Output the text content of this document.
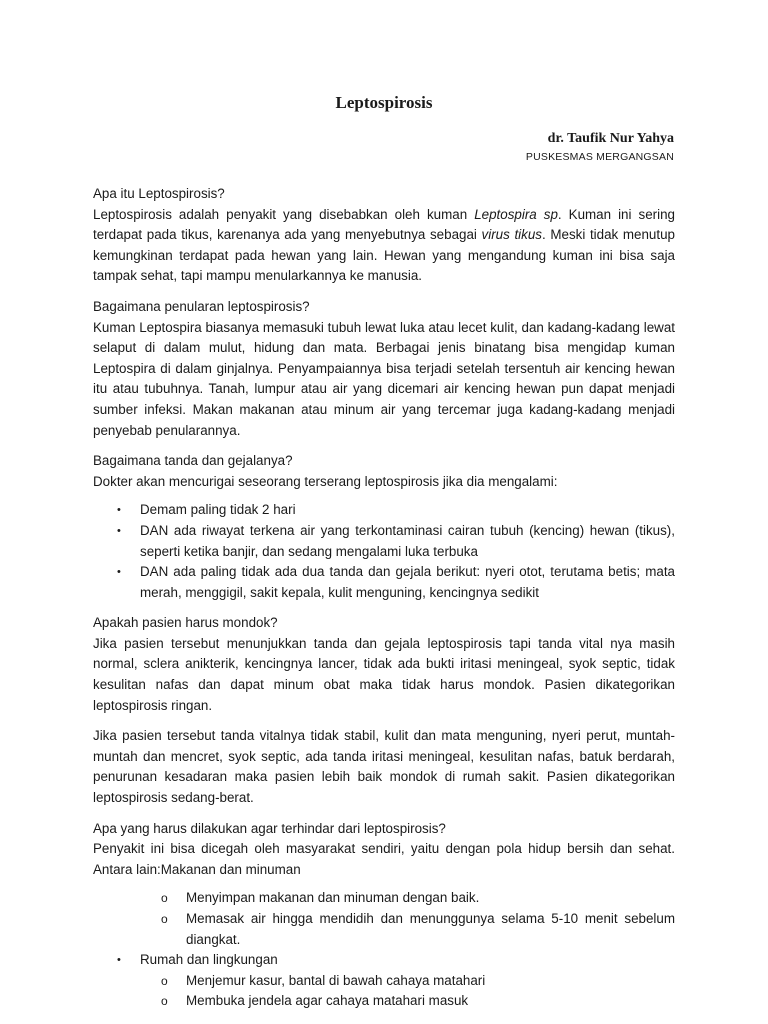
Leptospirosis
dr. Taufik Nur Yahya
PUSKESMAS MERGANGSAN
Apa itu Leptospirosis?

Leptospirosis adalah penyakit yang disebabkan oleh kuman Leptospira sp. Kuman ini sering terdapat pada tikus, karenanya ada yang menyebutnya sebagai virus tikus. Meski tidak menutup kemungkinan terdapat pada hewan yang lain. Hewan yang mengandung kuman ini bisa saja tampak sehat, tapi mampu menularkannya ke manusia.

Bagaimana penularan leptospirosis?

Kuman Leptospira biasanya memasuki tubuh lewat luka atau lecet kulit, dan kadang-kadang lewat selaput di dalam mulut, hidung dan mata. Berbagai jenis binatang bisa mengidap kuman Leptospira di dalam ginjalnya. Penyampaiannya bisa terjadi setelah tersentuh air kencing hewan itu atau tubuhnya. Tanah, lumpur atau air yang dicemari air kencing hewan pun dapat menjadi sumber infeksi. Makan makanan atau minum air yang tercemar juga kadang-kadang menjadi penyebab penularannya.

Bagaimana tanda dan gejalanya?

Dokter akan mencurigai seseorang terserang leptospirosis jika dia mengalami:

• Demam paling tidak 2 hari
• DAN ada riwayat terkena air yang terkontaminasi cairan tubuh (kencing) hewan (tikus), seperti ketika banjir, dan sedang mengalami luka terbuka
• DAN ada paling tidak ada dua tanda dan gejala berikut: nyeri otot, terutama betis; mata merah, menggigil, sakit kepala, kulit menguning, kencingnya sedikit
Apakah pasien harus mondok?

Jika pasien tersebut menunjukkan tanda dan gejala leptospirosis tapi tanda vital nya masih normal, sclera anikterik, kencingnya lancer, tidak ada bukti iritasi meningeal, syok septic, tidak kesulitan nafas dan dapat minum obat maka tidak harus mondok. Pasien dikategorikan leptospirosis ringan.

Jika pasien tersebut tanda vitalnya tidak stabil, kulit dan mata menguning, nyeri perut, muntah-muntah dan mencret, syok septic, ada tanda iritasi meningeal, kesulitan nafas, batuk berdarah, penurunan kesadaran maka pasien lebih baik mondok di rumah sakit. Pasien dikategorikan leptospirosis sedang-berat.

Apa yang harus dilakukan agar terhindar dari leptospirosis?

Penyakit ini bisa dicegah oleh masyarakat sendiri, yaitu dengan pola hidup bersih dan sehat. Antara lain:Makanan dan minuman

o Menyimpan makanan dan minuman dengan baik.
o Memasak air hingga mendidih dan menunggunya selama 5-10 menit sebelum diangkat.
• Rumah dan lingkungan
o Menjemur kasur, bantal di bawah cahaya matahari
o Membuka jendela agar cahaya matahari masuk
